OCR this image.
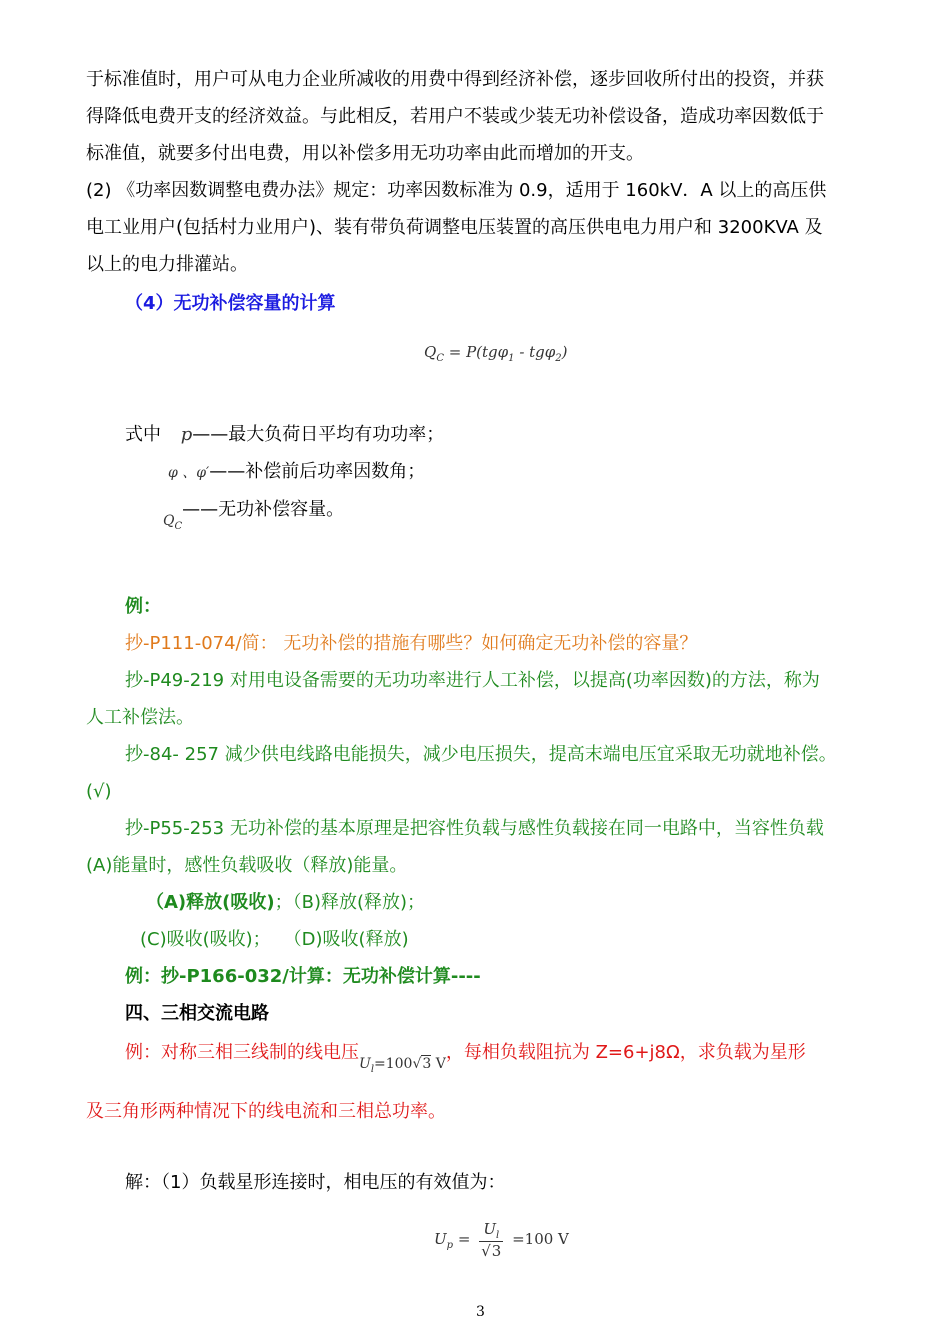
于标准值时，用户可从电力企业所减收的用费中得到经济补偿，逐步回收所付出的投资，并获
得降低电费开支的经济效益。与此相反，若用户不装或少装无功补偿设备，造成功率因数低于
标准值，就要多付出电费，用以补偿多用无功功率由此而增加的开支。
(2) 《功率因数调整电费办法》规定：功率因数标准为 0.9，适用于 160kV．A 以上的高压供
电工业用户(包括村力业用户)、装有带负荷调整电压装置的高压供电电力用户和 3200KVA 及
以上的电力排灌站。
（4）无功补偿容量的计算
$Q_C = P(tg\varphi_1 - tg\varphi_2)$
式中 p——最大负荷日平均有功功率；
φ 、φ′——补偿前后功率因数角；
$_{Q_C}$——无功补偿容量。
例：
抄-P111-074/简： 无功补偿的措施有哪些？如何确定无功补偿的容量？
抄-P49-219 对用电设备需要的无功功率进行人工补偿，以提高(功率因数)的方法，称为
人工补偿法。
抄-84- 257 减少供电线路电能损失，减少电压损失，提高末端电压宜采取无功就地补偿。
(√)
抄-P55-253 无功补偿的基本原理是把容性负载与感性负载接在同一电路中，当容性负载
(A)能量时，感性负载吸收（释放)能量。
（A)释放(吸收)；（B)释放(释放)；
(C)吸收(吸收)； （D)吸收(释放)
例：抄-P166-032/计算：无功补偿计算----
四、三相交流电路
例：对称三相三线制的线电压$_{U_l=100√3 V}$，每相负载阻抗为 Z=6+j8Ω，求负载为星形
及三角形两种情况下的线电流和三相总功率。
解：（1）负载星形连接时，相电压的有效值为：
$U_p = \frac{U_l}{√3} =100$ V
3
